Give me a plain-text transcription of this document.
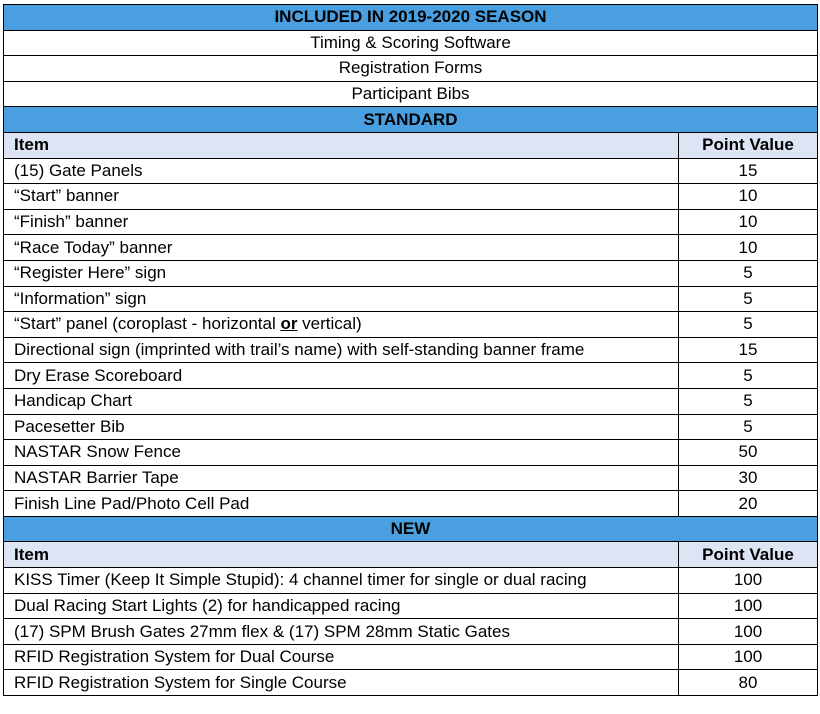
INCLUDED IN 2019-2020 SEASON	
Timing & Scoring Software	
Registration Forms	
Participant Bibs	
STANDARD	
Item	Point Value
(15) Gate Panels	15
“Start” banner	10
“Finish” banner	10
“Race Today” banner	10
“Register Here” sign	5
“Information” sign	5
“Start” panel (coroplast - horizontal or vertical)	5
Directional sign (imprinted with trail’s name) with self-standing banner frame	15
Dry Erase Scoreboard	5
Handicap Chart	5
Pacesetter Bib	5
NASTAR Snow Fence	50
NASTAR Barrier Tape	30
Finish Line Pad/Photo Cell Pad	20
NEW	
Item	Point Value
KISS Timer (Keep It Simple Stupid): 4 channel timer for single or dual racing	100
Dual Racing Start Lights (2) for handicapped racing	100
(17) SPM Brush Gates 27mm flex & (17) SPM 28mm Static Gates	100
RFID Registration System for Dual Course	100
RFID Registration System for Single Course	80
